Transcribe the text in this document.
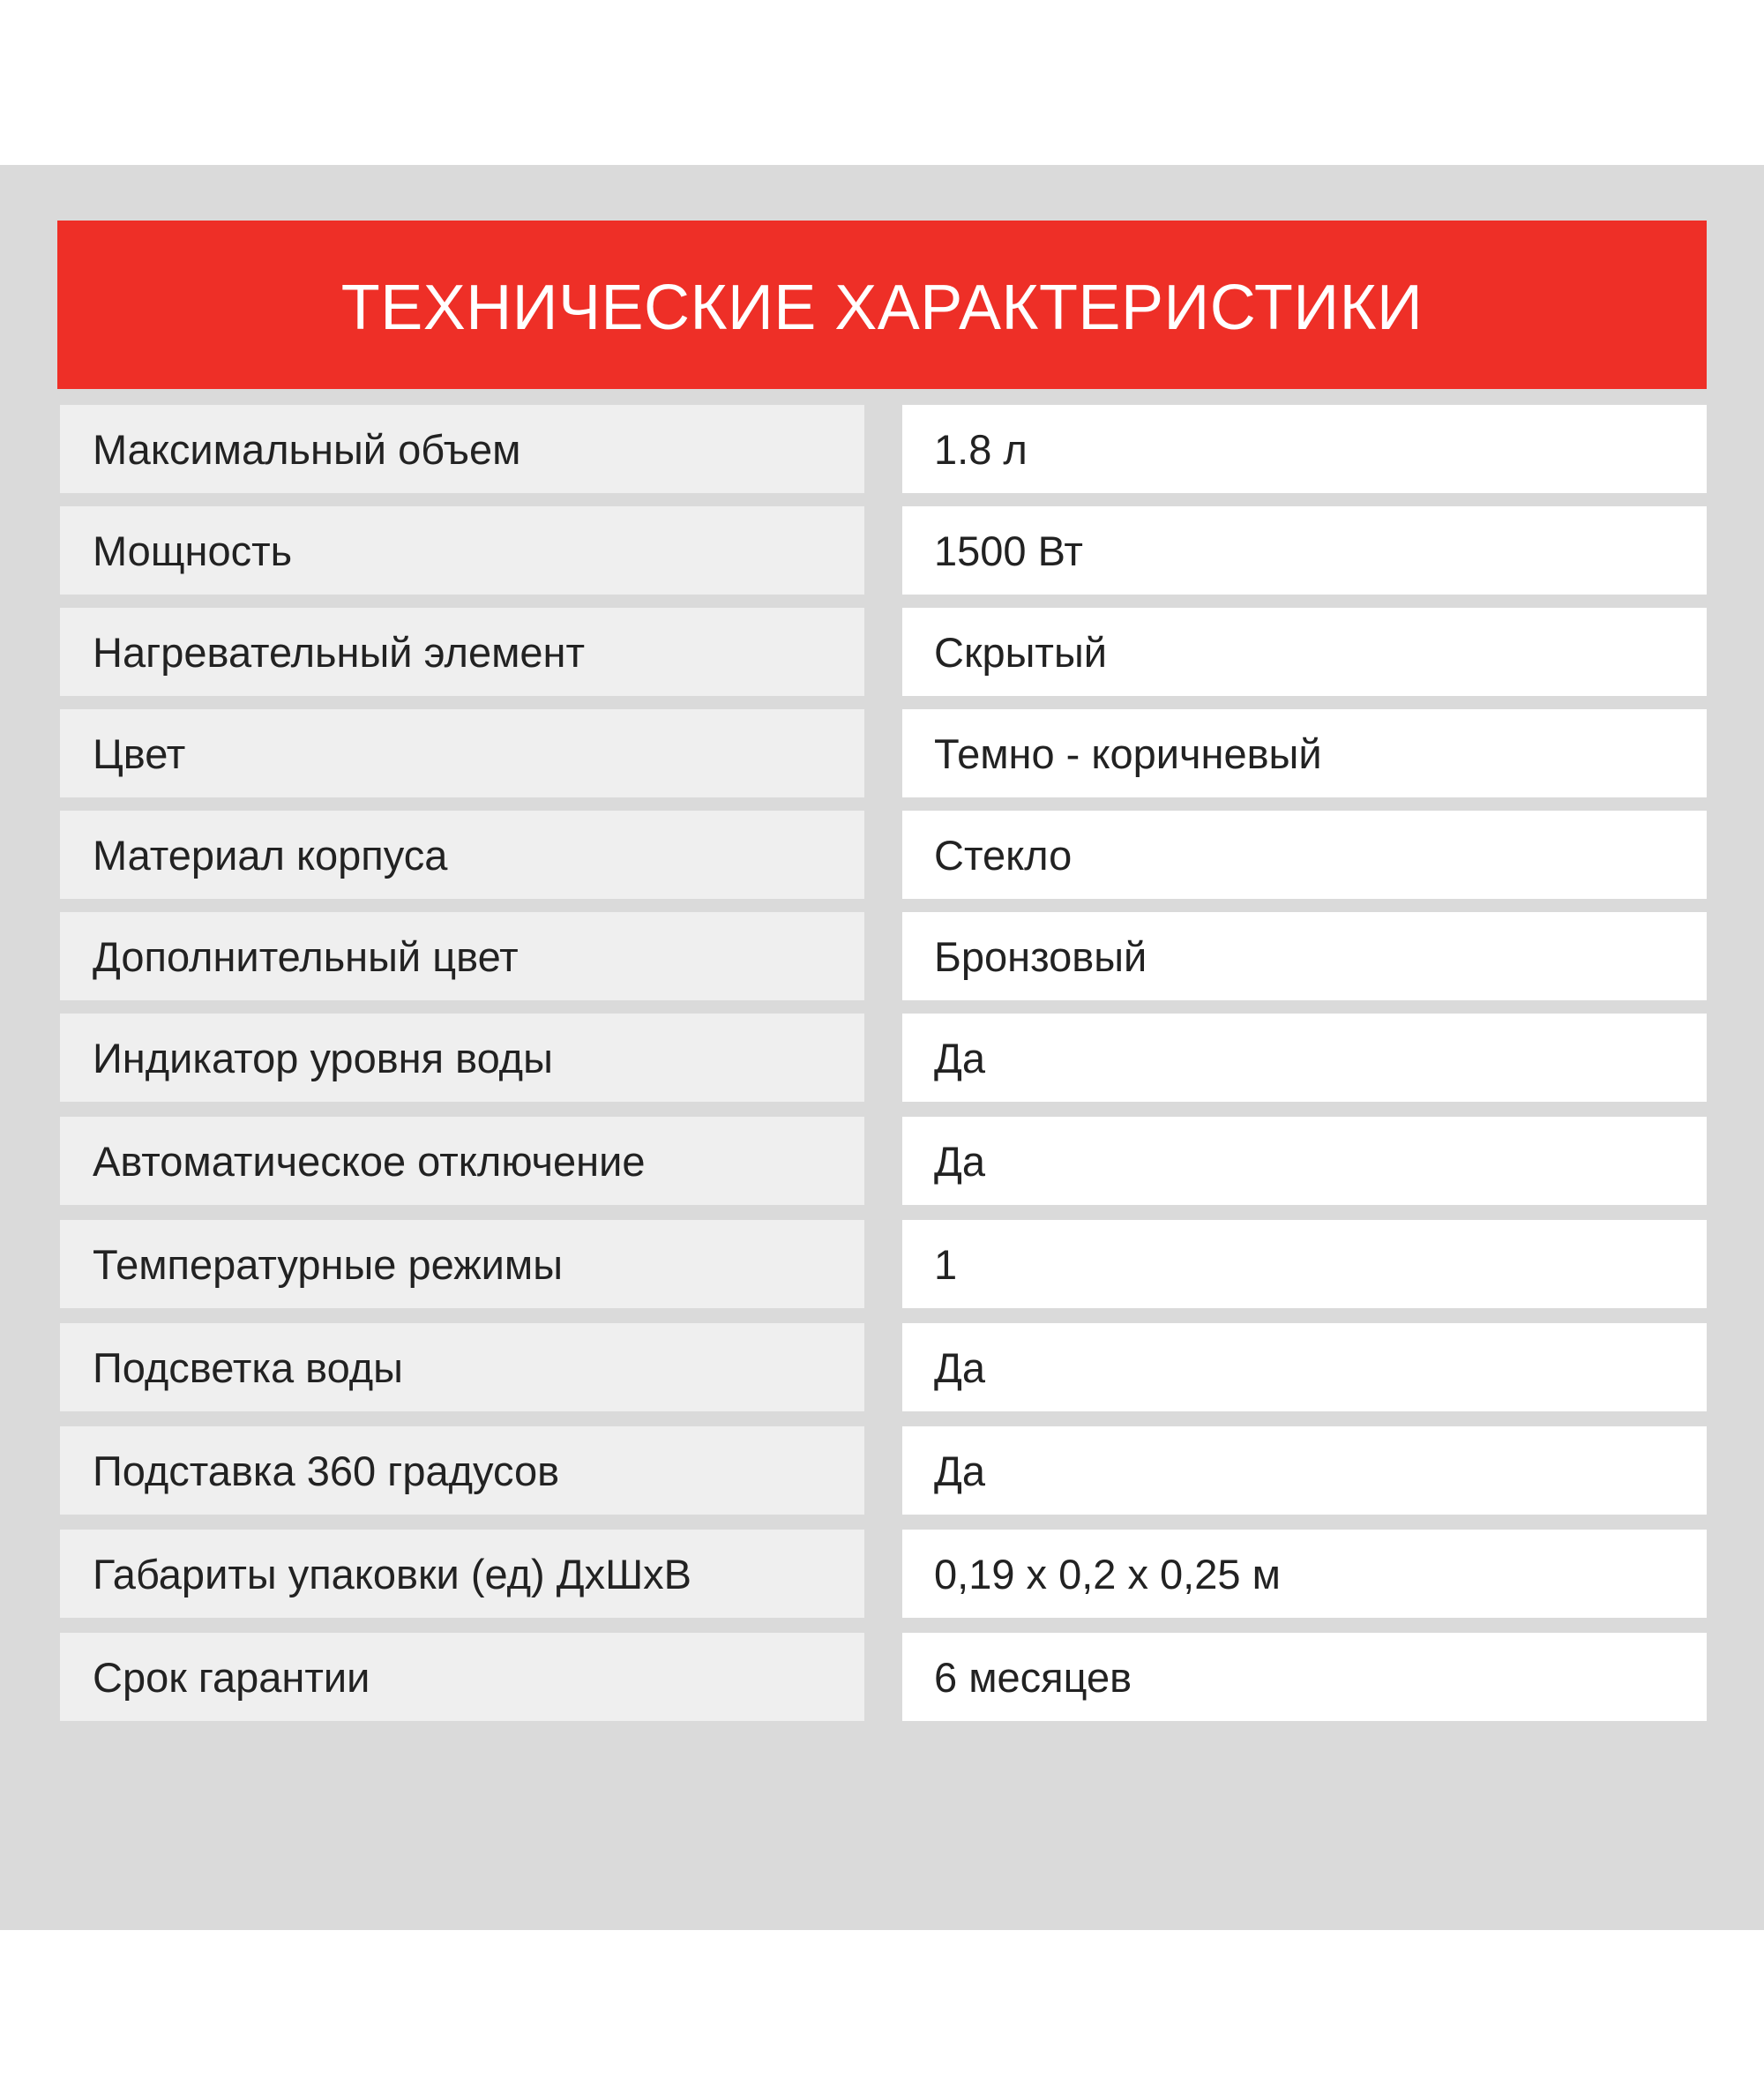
ТЕХНИЧЕСКИЕ ХАРАКТЕРИСТИКИ
Максимальный объем	1.8 л
Мощность	1500 Вт
Нагревательный элемент	Скрытый
Цвет	Темно - коричневый
Материал корпуса	Стекло
Дополнительный цвет	Бронзовый
Индикатор уровня воды	Да
Автоматическое отключение	Да
Температурные режимы	1
Подсветка воды	Да
Подставка 360 градусов	Да
Габариты упаковки (ед) ДхШхВ	0,19 х 0,2 х 0,25 м
Срок гарантии	6 месяцев
